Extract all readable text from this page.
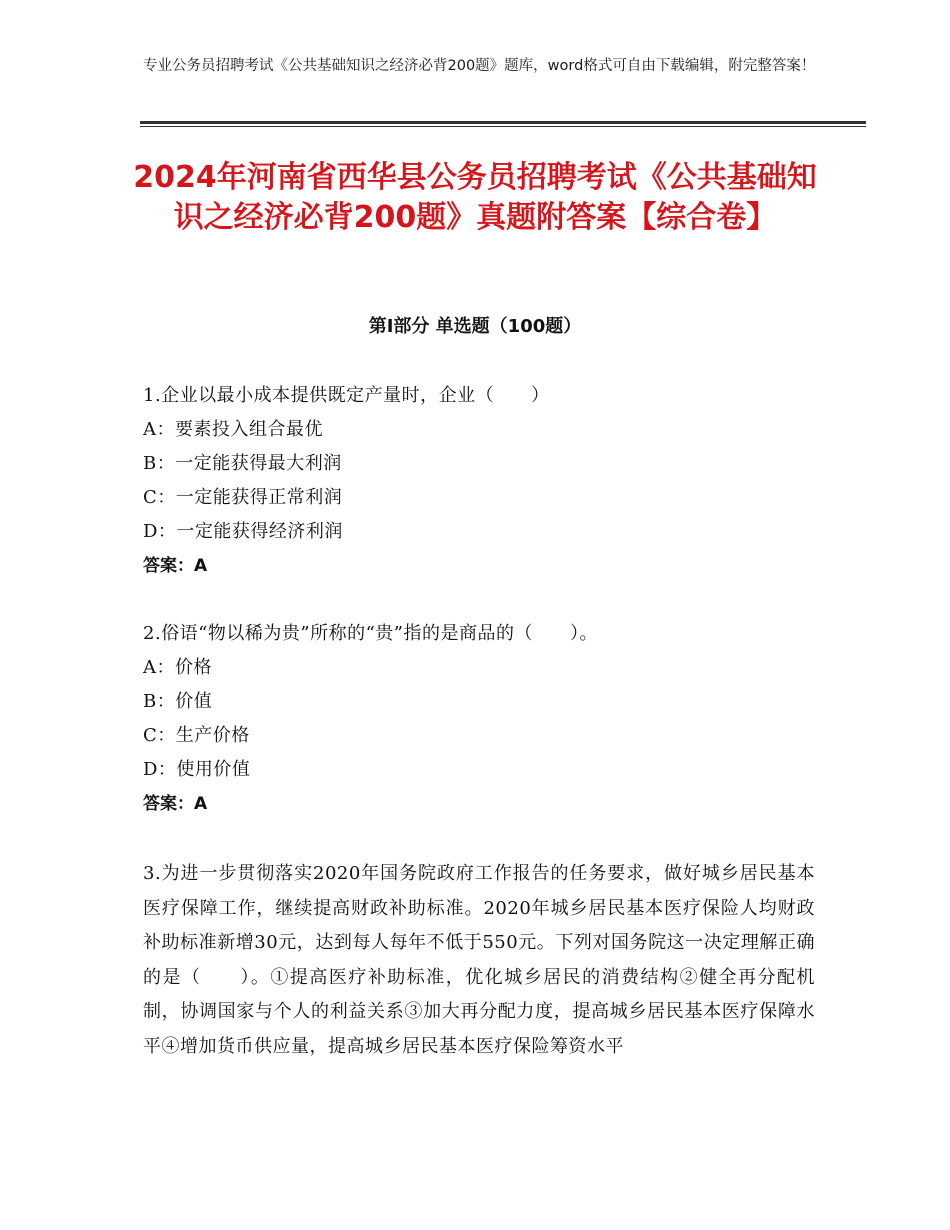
专业公务员招聘考试《公共基础知识之经济必背200题》题库，word格式可自由下载编辑，附完整答案！
2024年河南省西华县公务员招聘考试《公共基础知识之经济必背200题》真题附答案【综合卷】
第Ⅰ部分 单选题（100题）

1.企业以最小成本提供既定产量时，企业（　　）

A：要素投入组合最优

B：一定能获得最大利润

C：一定能获得正常利润

D：一定能获得经济利润

答案：A

2.俗语“物以稀为贵”所称的“贵”指的是商品的（　　）。

A：价格

B：价值

C：生产价格

D：使用价值

答案：A

3.为进一步贯彻落实2020年国务院政府工作报告的任务要求，做好城乡居民基本医疗保障工作，继续提高财政补助标准。2020年城乡居民基本医疗保险人均财政补助标准新增30元，达到每人每年不低于550元。下列对国务院这一决定理解正确的是（　　）。①提高医疗补助标准，优化城乡居民的消费结构②健全再分配机制，协调国家与个人的利益关系③加大再分配力度，提高城乡居民基本医疗保障水平④增加货币供应量，提高城乡居民基本医疗保险筹资水平
